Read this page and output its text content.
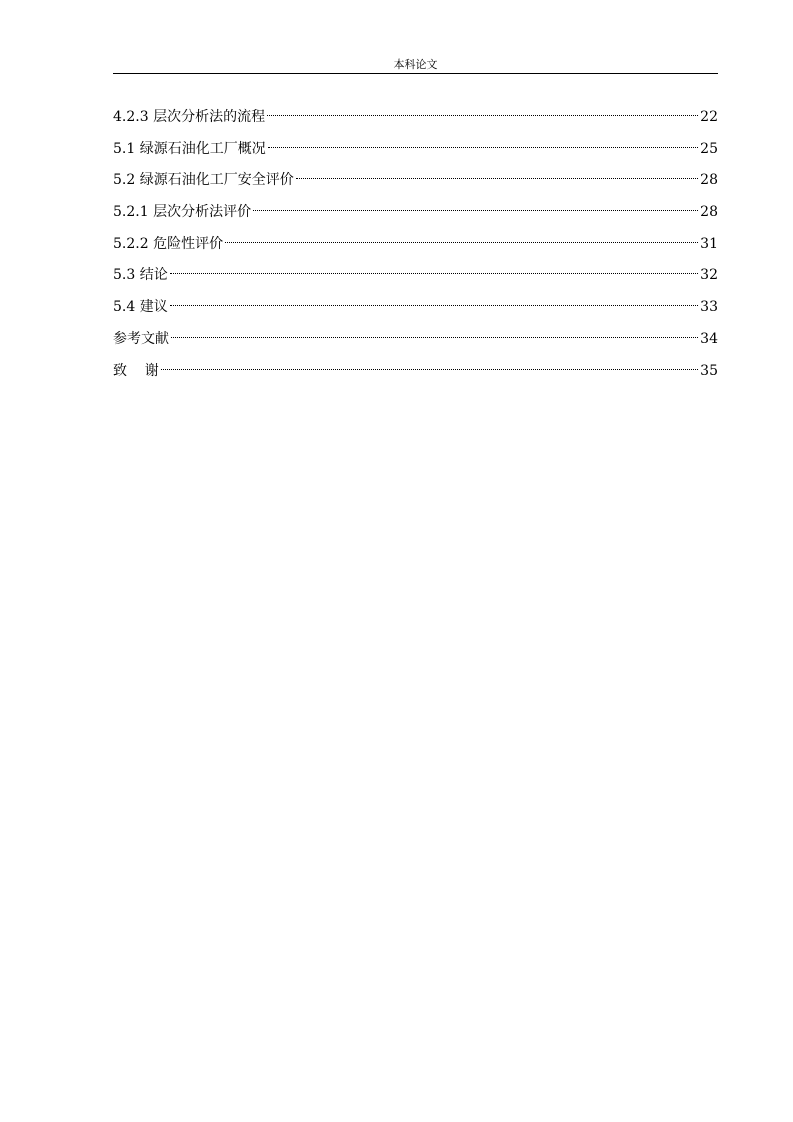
本科论文
4.2.3 层次分析法的流程	22
5.1 绿源石油化工厂概况	25
5.2 绿源石油化工厂安全评价	28
5.2.1 层次分析法评价	28
5.2.2 危险性评价	31
5.3 结论	32
5.4 建议	33
参考文献	34
致    谢	35
